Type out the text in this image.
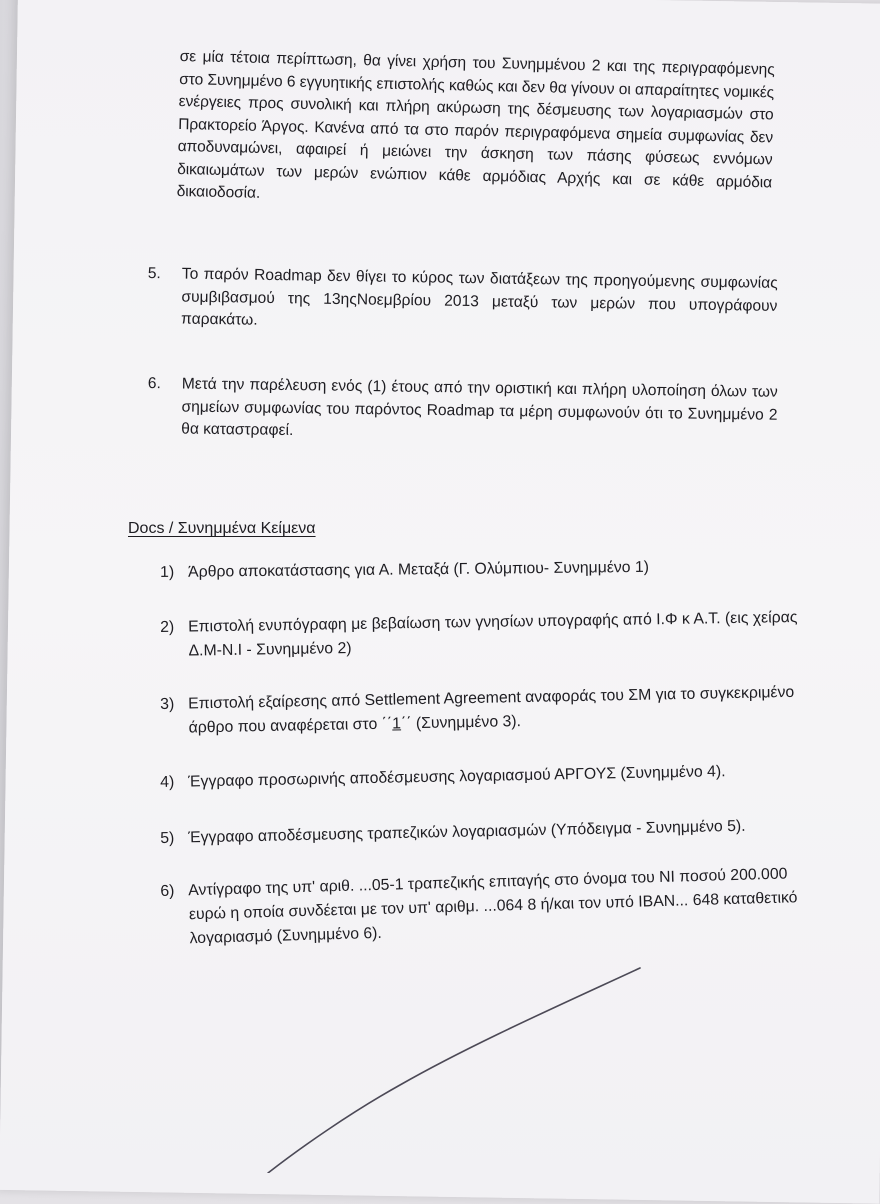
σε μία τέτοια περίπτωση, θα γίνει χρήση του Συνημμένου 2 και της περιγραφόμενης στο Συνημμένο 6 εγγυητικής επιστολής καθώς και δεν θα γίνουν οι απαραίτητες νομικές ενέργειες προς συνολική και πλήρη ακύρωση της δέσμευσης των λογαριασμών στο Πρακτορείο Άργος. Κανένα από τα στο παρόν περιγραφόμενα σημεία συμφωνίας δεν αποδυναμώνει, αφαιρεί ή μειώνει την άσκηση των πάσης φύσεως εννόμων δικαιωμάτων των μερών ενώπιον κάθε αρμόδιας Αρχής και σε κάθε αρμόδια δικαιοδοσία.
5.	Το παρόν Roadmap δεν θίγει το κύρος των διατάξεων της προηγούμενης συμφωνίας συμβιβασμού της 13ηςΝοεμβρίου 2013 μεταξύ των μερών που υπογράφουν παρακάτω.
6.	Μετά την παρέλευση ενός (1) έτους από την οριστική και πλήρη υλοποίηση όλων των σημείων συμφωνίας του παρόντος Roadmap τα μέρη συμφωνούν ότι το Συνημμένο 2 θα καταστραφεί.
Docs / Συνημμένα Κείμενα
1) Άρθρο αποκατάστασης για Α. Μεταξά (Γ. Ολύμπιου- Συνημμένο 1)
2) Επιστολή ενυπόγραφη με βεβαίωση των γνησίων υπογραφής από Ι.Φ κ Α.Τ. (εις χείρας Δ.Μ-Ν.Ι - Συνημμένο 2)
3) Επιστολή εξαίρεσης από Settlement Agreement αναφοράς του ΣΜ για το συγκεκριμένο άρθρο που αναφέρεται στο ΄΄1΄΄ (Συνημμένο 3).
4) Έγγραφο προσωρινής αποδέσμευσης λογαριασμού ΑΡΓΟΥΣ (Συνημμένο 4).
5) Έγγραφο αποδέσμευσης τραπεζικών λογαριασμών (Υπόδειγμα - Συνημμένο 5).
6) Αντίγραφο της υπ' αριθ. ...05-1 τραπεζικής επιταγής στο όνομα του ΝΙ ποσού 200.000 ευρώ η οποία συνδέεται με τον υπ' αριθμ. ...064 8 ή/και τον υπό IBAN... 648 καταθετικό λογαριασμό (Συνημμένο 6).
